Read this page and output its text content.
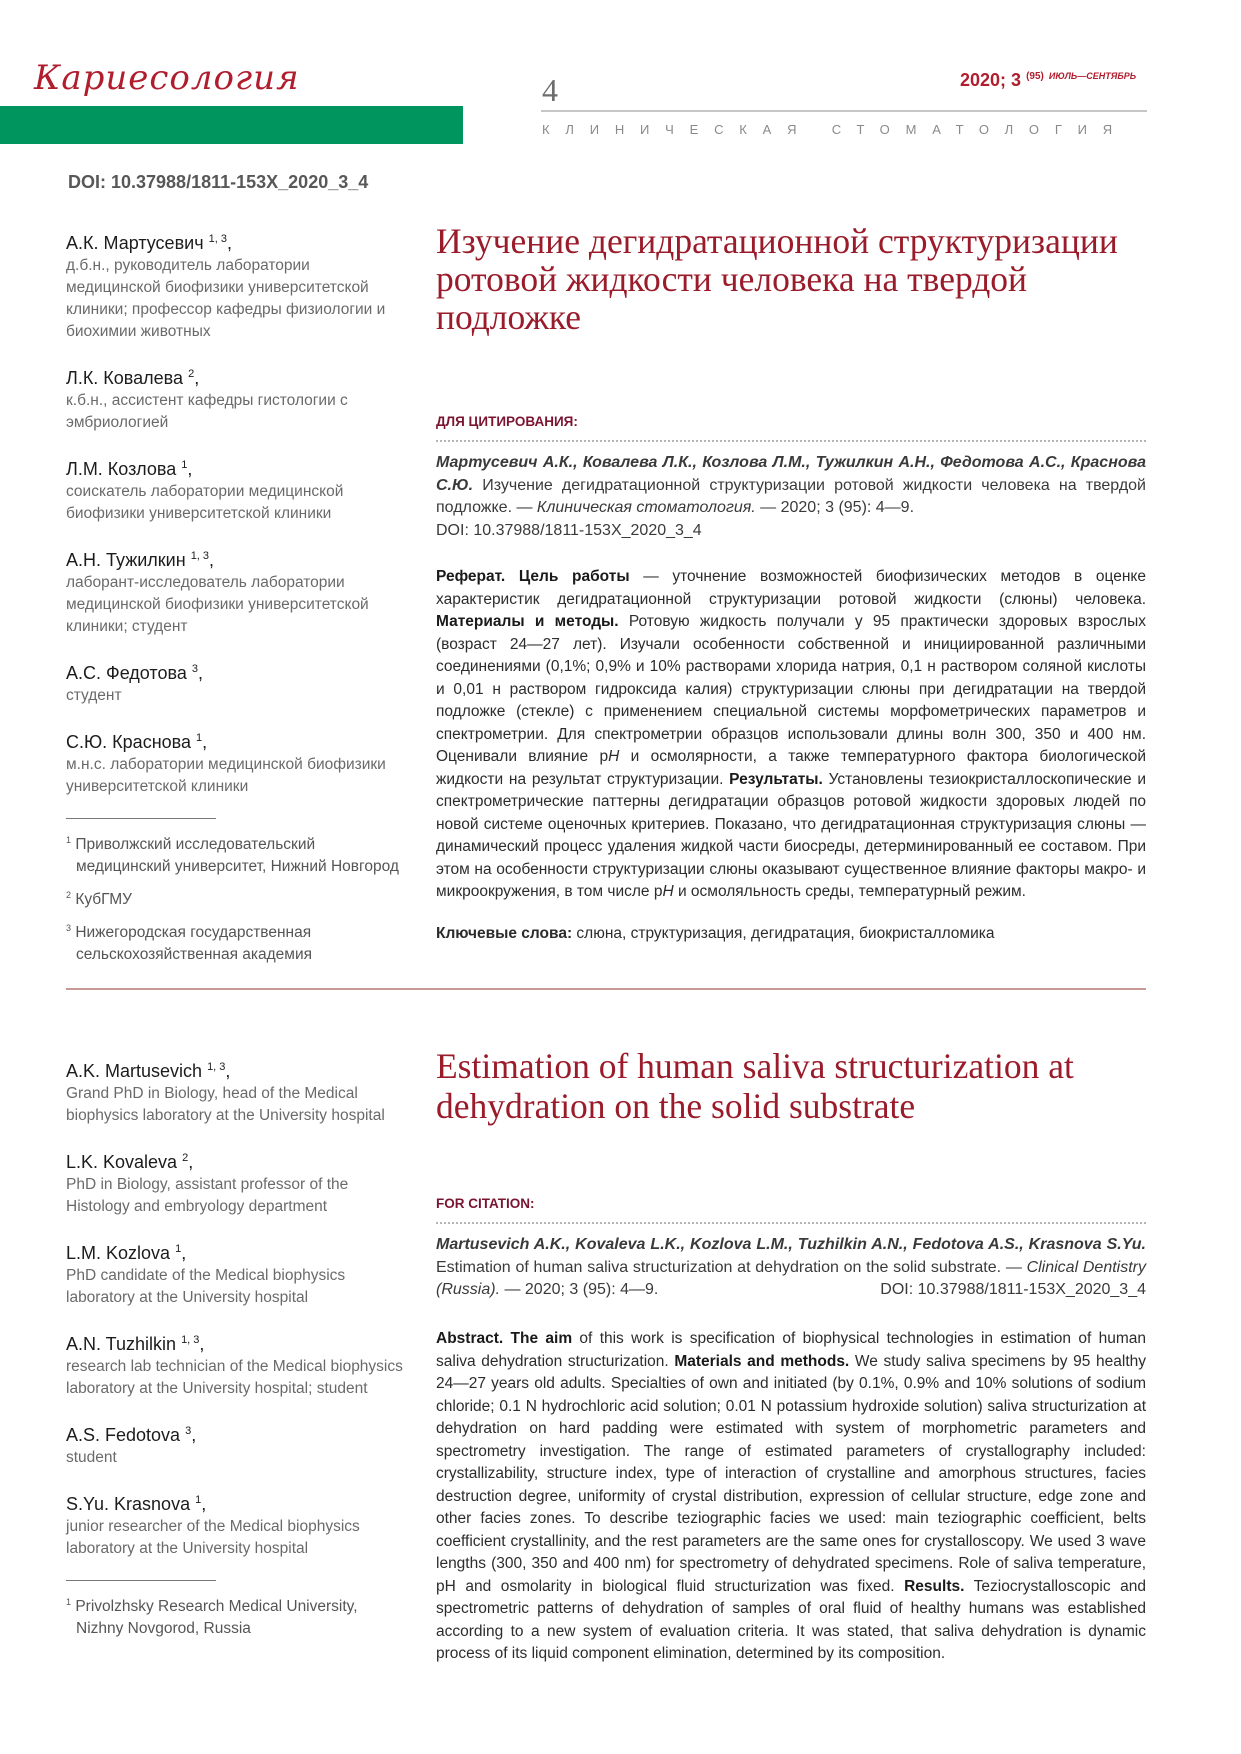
Кариесология	4	2020; 3 $^{(95)}$ $^{ИЮЛЬ—СЕНТЯБРЬ}$
КЛИНИЧЕСКАЯ СТОМАТОЛОГИЯ
DOI: 10.37988/1811-153X_2020_3_4
А.К. Мартусевич $^{1, 3}$,
д.б.н., руководитель лаборатории медицинской биофизики университетской клиники; профессор кафедры физиологии и биохимии животных
Л.К. Ковалева $^2$,
к.б.н., ассистент кафедры гистологии с эмбриологией
Л.М. Козлова $^1$,
соискатель лаборатории медицинской биофизики университетской клиники
А.Н. Тужилкин $^{1, 3}$,
лаборант-исследователь лаборатории медицинской биофизики университетской клиники; студент
А.С. Федотова $^3$,
студент
С.Ю. Краснова $^1$,
м.н.с. лаборатории медицинской биофизики университетской клиники
$^1$ Приволжский исследовательский медицинский университет, Нижний Новгород
$^2$ КубГМУ
$^3$ Нижегородская государственная сельскохозяйственная академия
Изучение дегидратационной структуризации ротовой жидкости человека на твердой подложке
ДЛЯ ЦИТИРОВАНИЯ:
Мартусевич А.К., Ковалева Л.К., Козлова Л.М., Тужилкин А.Н., Федотова А.С., Краснова С.Ю. Изучение дегидратационной структуризации ротовой жидкости человека на твердой подложке. — Клиническая стоматология. — 2020; 3 (95): 4—9.
DOI: 10.37988/1811-153X_2020_3_4
Реферат. Цель работы — уточнение возможностей биофизических методов в оценке характеристик дегидратационной структуризации ротовой жидкости (слюны) человека. Материалы и методы. Ротовую жидкость получали у 95 практически здоровых взрослых (возраст 24—27 лет). Изучали особенности собственной и инициированной различными соединениями (0,1%; 0,9% и 10% растворами хлорида натрия, 0,1 н раствором соляной кислоты и 0,01 н раствором гидроксида калия) структуризации слюны при дегидратации на твердой подложке (стекле) с применением специальной системы морфометрических параметров и спектрометрии. Для спектрометрии образцов использовали длины волн 300, 350 и 400 нм. Оценивали влияние рH и осмолярности, а также температурного фактора биологической жидкости на результат структуризации. Результаты. Установлены тезиокристаллоскопические и спектрометрические паттерны дегидратации образцов ротовой жидкости здоровых людей по новой системе оценочных критериев. Показано, что дегидратационная структуризация слюны — динамический процесс удаления жидкой части биосреды, детерминированный ее составом. При этом на особенности структуризации слюны оказывают существенное влияние факторы макро- и микроокружения, в том числе рH и осмоляльность среды, температурный режим.
Ключевые слова: слюна, структуризация, дегидратация, биокристалломика
A.K. Martusevich $^{1, 3}$,
Grand PhD in Biology, head of the Medical biophysics laboratory at the University hospital
L.K. Kovaleva $^2$,
PhD in Biology, assistant professor of the Histology and embryology department
L.M. Kozlova $^1$,
PhD candidate of the Medical biophysics laboratory at the University hospital
A.N. Tuzhilkin $^{1, 3}$,
research lab technician of the Medical biophysics laboratory at the University hospital; student
A.S. Fedotova $^3$,
student
S.Yu. Krasnova $^1$,
junior researcher of the Medical biophysics laboratory at the University hospital
$^1$ Privolzhsky Research Medical University, Nizhny Novgorod, Russia
Estimation of human saliva structurization at dehydration on the solid substrate
FOR CITATION:
Martusevich A.K., Kovaleva L.K., Kozlova L.M., Tuzhilkin A.N., Fedotova A.S., Krasnova S.Yu. Estimation of human saliva structurization at dehydration on the solid substrate. — Clinical Dentistry (Russia). — 2020; 3 (95): 4—9.	DOI: 10.37988/1811-153X_2020_3_4
Abstract. The aim of this work is specification of biophysical technologies in estimation of human saliva dehydration structurization. Materials and methods. We study saliva specimens by 95 healthy 24—27 years old adults. Specialties of own and initiated (by 0.1%, 0.9% and 10% solutions of sodium chloride; 0.1 N hydrochloric acid solution; 0.01 N potassium hydroxide solution) saliva structurization at dehydration on hard padding were estimated with system of morphometric parameters and spectrometry investigation. The range of estimated parameters of crystallography included: crystallizability, structure index, type of interaction of crystalline and amorphous structures, facies destruction degree, uniformity of crystal distribution, expression of cellular structure, edge zone and other facies zones. To describe teziographic facies we used: main teziographic coefficient, belts coefficient crystallinity, and the rest parameters are the same ones for crystalloscopy. We used 3 wave lengths (300, 350 and 400 nm) for spectrometry of dehydrated specimens. Role of saliva temperature, pH and osmolarity in biological fluid structurization was fixed. Results. Teziocrystalloscopic and spectrometric patterns of dehydration of samples of oral fluid of healthy humans was established according to a new system of evaluation criteria. It was stated, that saliva dehydration is dynamic process of its liquid component elimination, determined by its composition.
